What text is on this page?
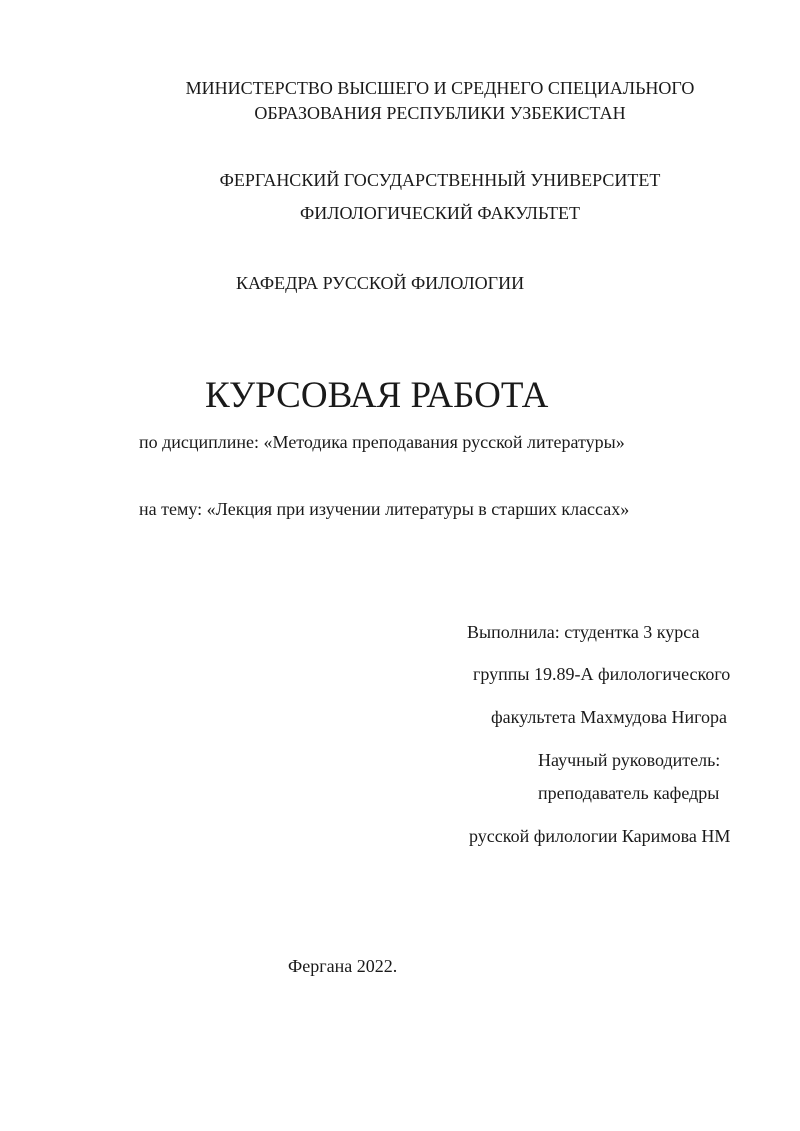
МИНИСТЕРСТВО ВЫСШЕГО И СРЕДНЕГО СПЕЦИАЛЬНОГО
ОБРАЗОВАНИЯ РЕСПУБЛИКИ УЗБЕКИСТАН
ФЕРГАНСКИЙ ГОСУДАРСТВЕННЫЙ УНИВЕРСИТЕТ
ФИЛОЛОГИЧЕСКИЙ ФАКУЛЬТЕТ
КАФЕДРА РУССКОЙ ФИЛОЛОГИИ
КУРСОВАЯ РАБОТА
по дисциплине: «Методика преподавания русской литературы»
на тему: «Лекция при изучении литературы в старших классах»
Выполнила: студентка 3 курса
группы 19.89-А филологического
факультета Махмудова Нигора
Научный руководитель:
преподаватель кафедры
русской филологии Каримова НМ
Фергана 2022.
